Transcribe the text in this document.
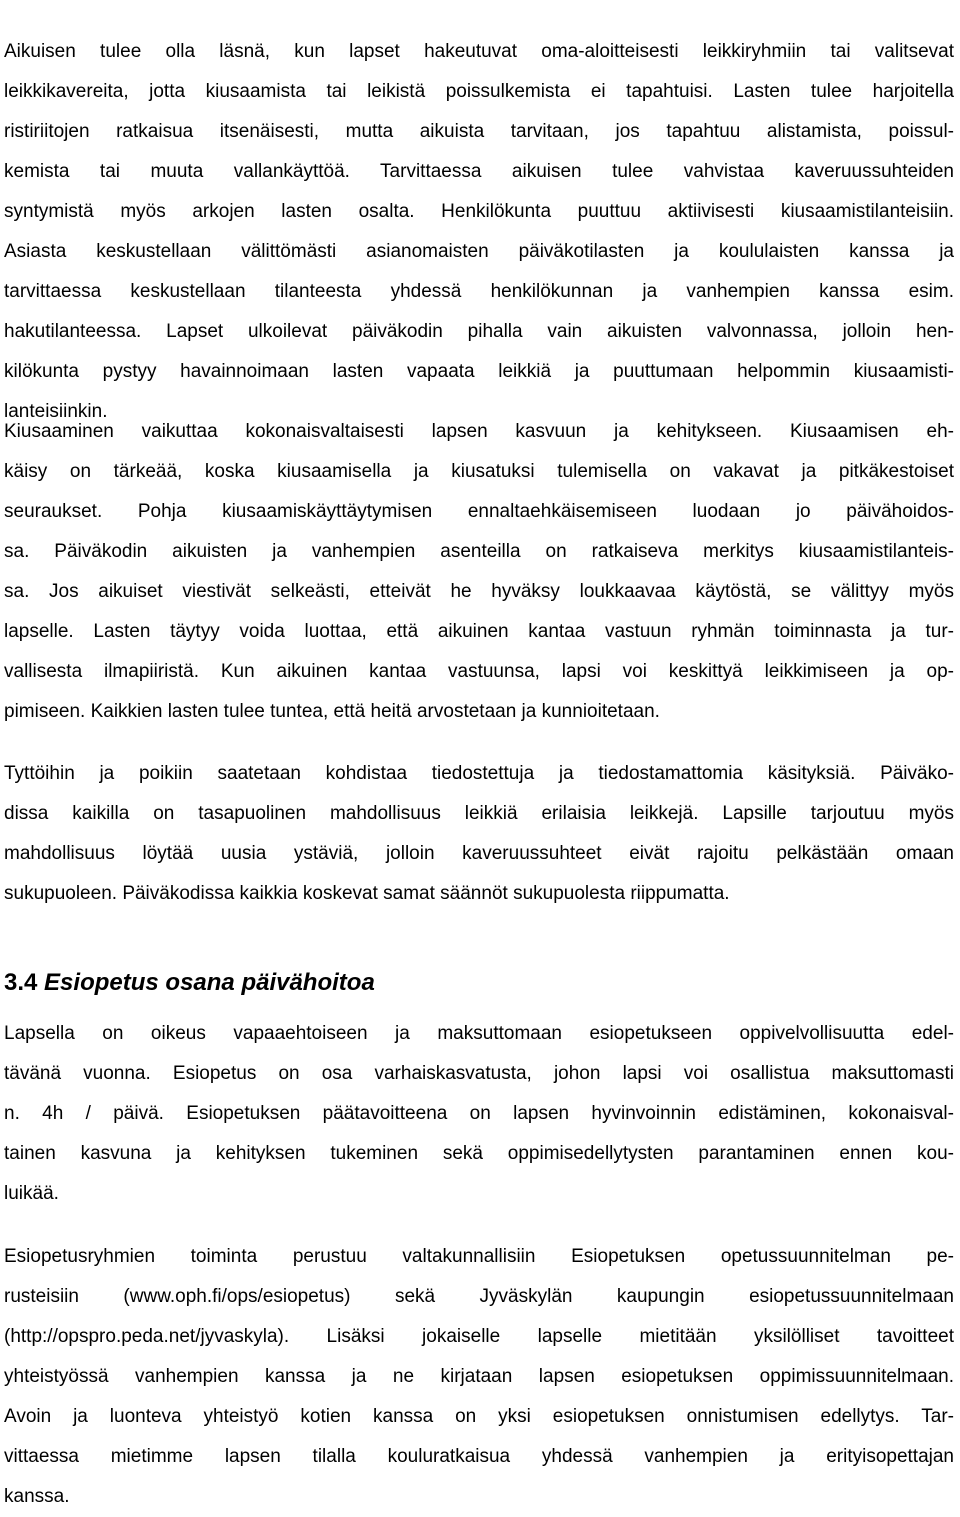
Aikuisen tulee olla läsnä, kun lapset hakeutuvat oma-aloitteisesti leikkiryhmiin tai valitsevat
leikkikavereita, jotta kiusaamista tai leikistä poissulkemista ei tapahtuisi. Lasten tulee harjoitella
ristiriitojen ratkaisua itsenäisesti, mutta aikuista tarvitaan, jos tapahtuu alistamista, poissul-
kemista tai muuta vallankäyttöä. Tarvittaessa aikuisen tulee vahvistaa kaveruussuhteiden
syntymistä myös arkojen lasten osalta. Henkilökunta puuttuu aktiivisesti kiusaamistilanteisiin.
Asiasta keskustellaan välittömästi asianomaisten päiväkotilasten ja koululaisten kanssa ja
tarvittaessa keskustellaan tilanteesta yhdessä henkilökunnan ja vanhempien kanssa esim.
hakutilanteessa. Lapset ulkoilevat päiväkodin pihalla vain aikuisten valvonnassa, jolloin hen-
kilökunta pystyy havainnoimaan lasten vapaata leikkiä ja puuttumaan helpommin kiusaamisti-
lanteisiinkin.
Kiusaaminen vaikuttaa kokonaisvaltaisesti lapsen kasvuun ja kehitykseen. Kiusaamisen eh-
käisy on tärkeää, koska kiusaamisella ja kiusatuksi tulemisella on vakavat ja pitkäkestoiset
seuraukset. Pohja kiusaamiskäyttäytymisen ennaltaehkäisemiseen luodaan jo päivähoidos-
sa. Päiväkodin aikuisten ja vanhempien asenteilla on ratkaiseva merkitys kiusaamistilanteis-
sa. Jos aikuiset viestivät selkeästi, etteivät he hyväksy loukkaavaa käytöstä, se välittyy myös
lapselle. Lasten täytyy voida luottaa, että aikuinen kantaa vastuun ryhmän toiminnasta ja tur-
vallisesta ilmapiiristä. Kun aikuinen kantaa vastuunsa, lapsi voi keskittyä leikkimiseen ja op-
pimiseen. Kaikkien lasten tulee tuntea, että heitä arvostetaan ja kunnioitetaan.
Tyttöihin ja poikiin saatetaan kohdistaa tiedostettuja ja tiedostamattomia käsityksiä. Päiväko-
dissa kaikilla on tasapuolinen mahdollisuus leikkiä erilaisia leikkejä. Lapsille tarjoutuu myös
mahdollisuus löytää uusia ystäviä, jolloin kaveruussuhteet eivät rajoitu pelkästään omaan
sukupuoleen. Päiväkodissa kaikkia koskevat samat säännöt sukupuolesta riippumatta.
3.4 Esiopetus osana päivähoitoa
Lapsella on oikeus vapaaehtoiseen ja maksuttomaan esiopetukseen oppivelvollisuutta edel-
tävänä vuonna. Esiopetus on osa varhaiskasvatusta, johon lapsi voi osallistua maksuttomasti
n. 4h / päivä. Esiopetuksen päätavoitteena on lapsen hyvinvoinnin edistäminen, kokonaisval-
tainen kasvuna ja kehityksen tukeminen sekä oppimisedellytysten parantaminen ennen kou-
luikää.
Esiopetusryhmien toiminta perustuu valtakunnallisiin Esiopetuksen opetussuunnitelman pe-
rusteisiin (www.oph.fi/ops/esiopetus) sekä Jyväskylän kaupungin esiopetussuunnitelmaan
(http://opspro.peda.net/jyvaskyla). Lisäksi jokaiselle lapselle mietitään yksilölliset tavoitteet
yhteistyössä vanhempien kanssa ja ne kirjataan lapsen esiopetuksen oppimissuunnitelmaan.
Avoin ja luonteva yhteistyö kotien kanssa on yksi esiopetuksen onnistumisen edellytys. Tar-
vittaessa mietimme lapsen tilalla kouluratkaisua yhdessä vanhempien ja erityisopettajan
kanssa.
